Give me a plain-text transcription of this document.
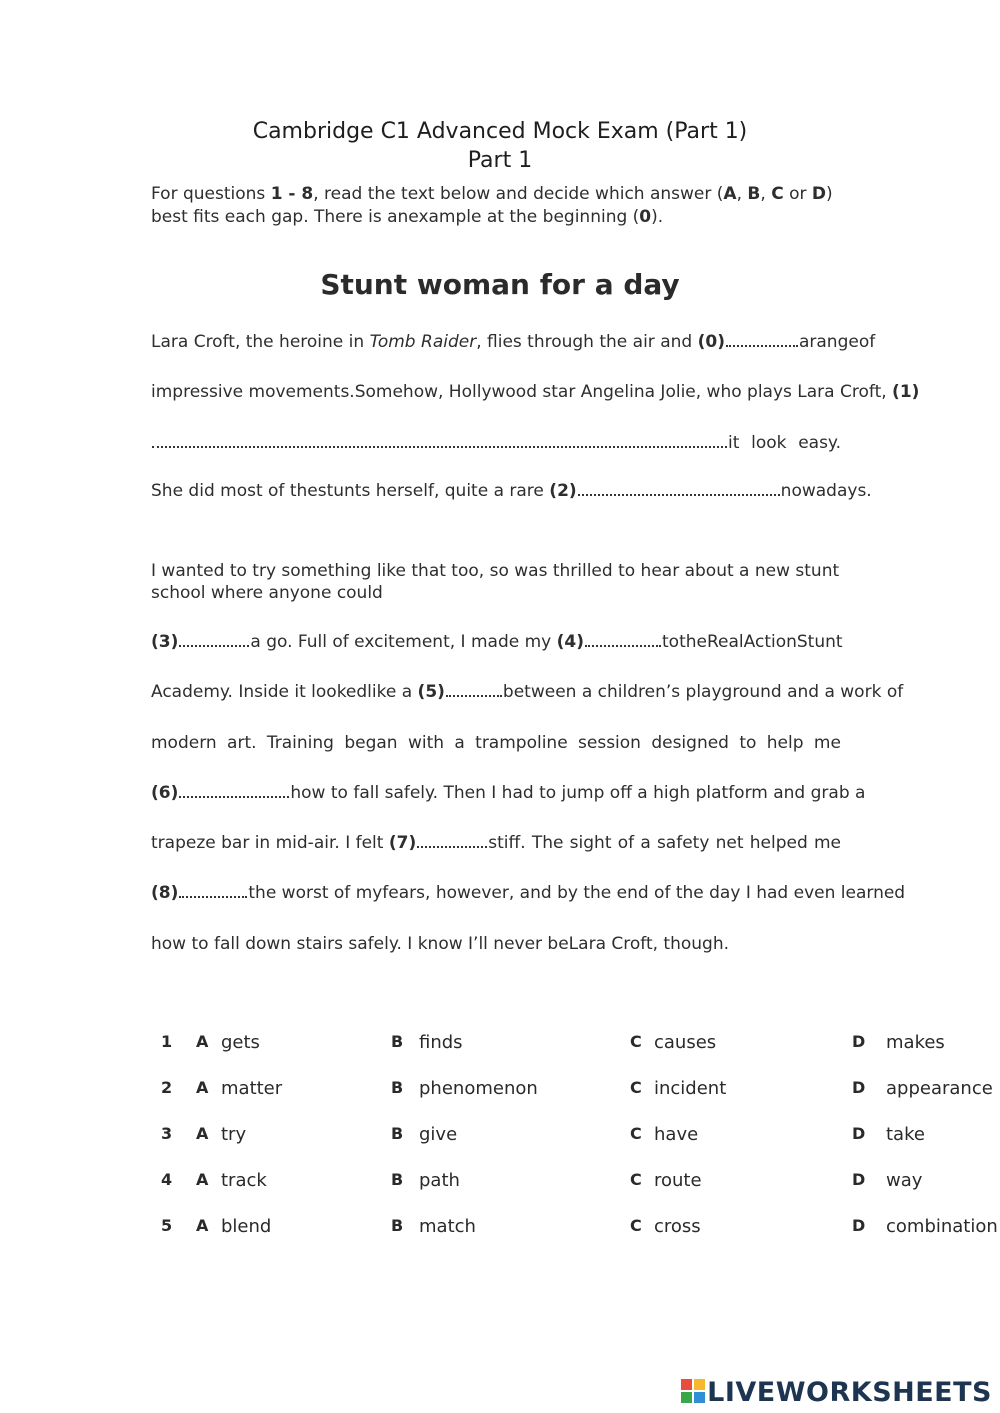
Cambridge C1 Advanced Mock Exam (Part 1)
Part 1
For questions 1 - 8, read the text below and decide which answer (A, B, C or D) best fits each gap. There is anexample at the beginning (0).
Stunt woman for a day
Lara Croft, the heroine in Tomb Raider, flies through the air and (0)	a range of
impressive movements.Somehow, Hollywood star Angelina Jolie, who plays Lara Croft, (1)
it look easy.
She did most of thestunts herself, quite a rare (2)	nowadays.
I wanted to try something like that too, so was thrilled to hear about a new stunt school where anyone could
(3)	a go. Full of excitement, I made my (4)	to the Real Action Stunt
Academy. Inside it lookedlike a (5)	between a children’s playground and a work of
modern art. Training began with a trampoline session designed to help me
(6)	how to fall safely. Then I had to jump off a high platform and grab a
trapeze bar in mid-air. I felt (7)	stiff. The sight of a safety net helped me
(8)	the worst of myfears, however, and by the end of the day I had even learned
how to fall down stairs safely. I know I’ll never beLara Croft, though.
1 A gets	B finds	C causes	D makes
2 A matter	B phenomenon	C incident	D appearance
3 A try	B give	C have	D take
4 A track	B path	C route	D way
5 A blend	B match	C cross	D combination
LIVEWORKSHEETS
